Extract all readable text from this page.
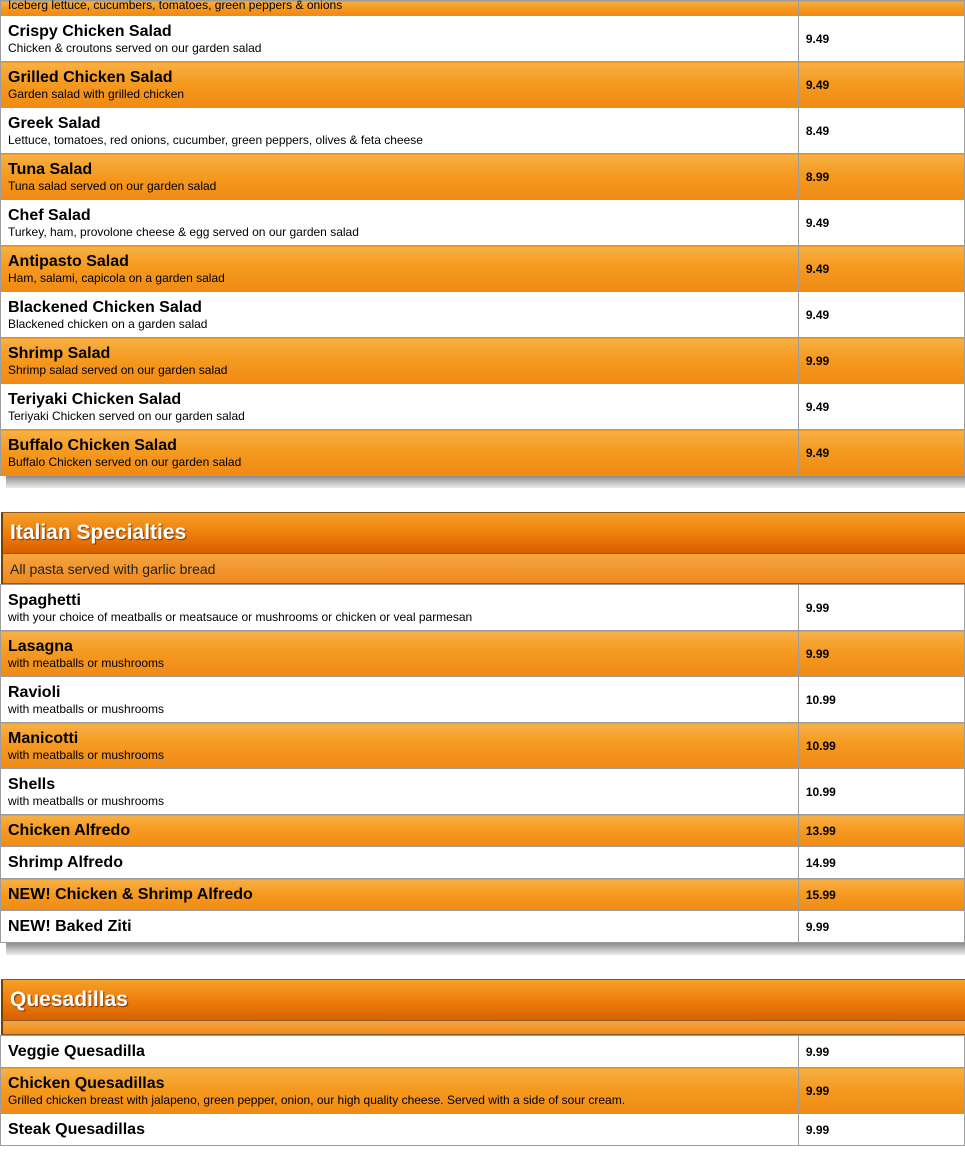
Iceberg lettuce, cucumbers, tomatoes, green peppers & onions	

Crispy Chicken Salad
Chicken & croutons served on our garden salad	9.49

Grilled Chicken Salad
Garden salad with grilled chicken	9.49

Greek Salad
Lettuce, tomatoes, red onions, cucumber, green peppers, olives & feta cheese	8.49

Tuna Salad
Tuna salad served on our garden salad	8.99

Chef Salad
Turkey, ham, provolone cheese & egg served on our garden salad	9.49

Antipasto Salad
Ham, salami, capicola on a garden salad	9.49

Blackened Chicken Salad
Blackened chicken on a garden salad	9.49

Shrimp Salad
Shrimp salad served on our garden salad	9.99

Teriyaki Chicken Salad
Teriyaki Chicken served on our garden salad	9.49

Buffalo Chicken Salad
Buffalo Chicken served on our garden salad	9.49
Italian Specialties
All pasta served with garlic bread
Spaghetti
with your choice of meatballs or meatsauce or mushrooms or chicken or veal parmesan	9.99

Lasagna
with meatballs or mushrooms	9.99

Ravioli
with meatballs or mushrooms	10.99

Manicotti
with meatballs or mushrooms	10.99

Shells
with meatballs or mushrooms	10.99

Chicken Alfredo	13.99

Shrimp Alfredo	14.99

NEW! Chicken & Shrimp Alfredo	15.99

NEW! Baked Ziti	9.99
Quesadillas
Veggie Quesadilla	9.99

Chicken Quesadillas
Grilled chicken breast with jalapeno, green pepper, onion, our high quality cheese. Served with a side of sour cream.	9.99

Steak Quesadillas	9.99
